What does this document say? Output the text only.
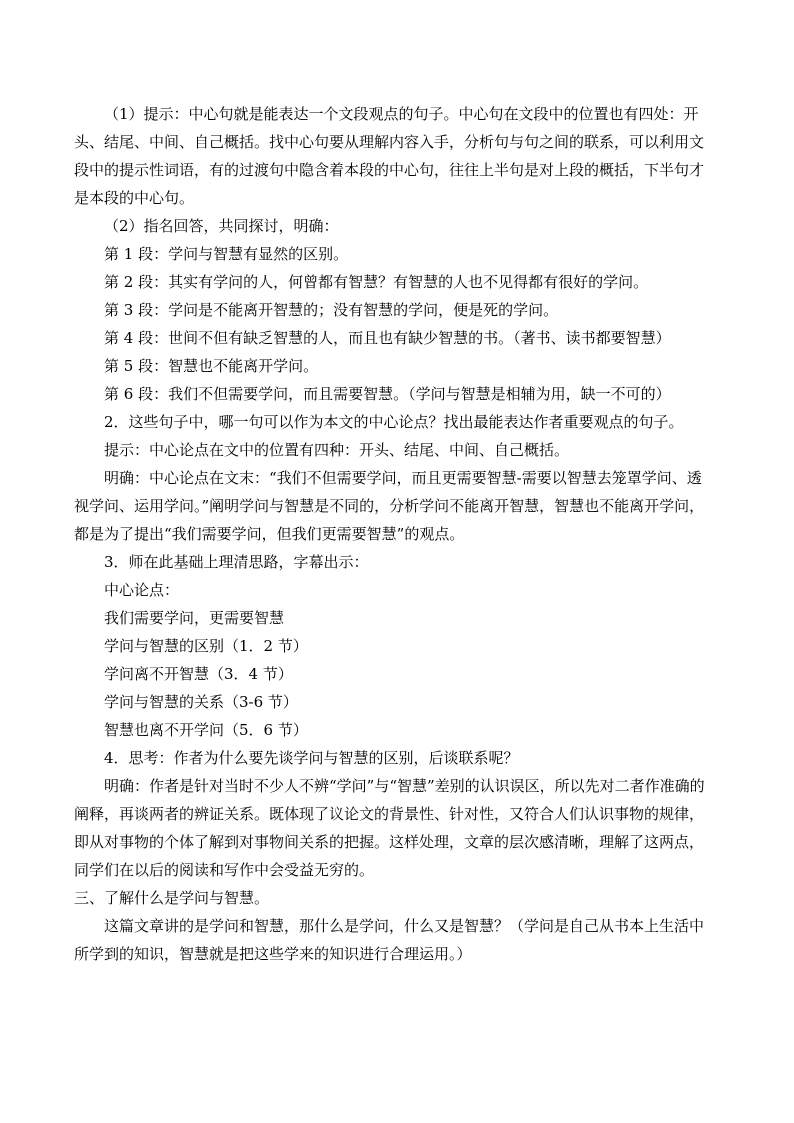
（1）提示：中心句就是能表达一个文段观点的句子。中心句在文段中的位置也有四处：开头、结尾、中间、自己概括。找中心句要从理解内容入手，分析句与句之间的联系，可以利用文段中的提示性词语，有的过渡句中隐含着本段的中心句，往往上半句是对上段的概括，下半句才是本段的中心句。

（2）指名回答，共同探讨，明确：

第 1 段：学问与智慧有显然的区别。

第 2 段：其实有学问的人，何曾都有智慧？有智慧的人也不见得都有很好的学问。

第 3 段：学问是不能离开智慧的；没有智慧的学问，便是死的学问。

第 4 段：世间不但有缺乏智慧的人，而且也有缺少智慧的书。（著书、读书都要智慧）

第 5 段：智慧也不能离开学问。

第 6 段：我们不但需要学问，而且需要智慧。（学问与智慧是相辅为用，缺一不可的）

2．这些句子中，哪一句可以作为本文的中心论点？找出最能表达作者重要观点的句子。

提示：中心论点在文中的位置有四种：开头、结尾、中间、自己概括。

明确：中心论点在文末：“我们不但需要学问，而且更需要智慧-需要以智慧去笼罩学问、透视学问、运用学问。”阐明学问与智慧是不同的，分析学问不能离开智慧，智慧也不能离开学问，都是为了提出“我们需要学问，但我们更需要智慧”的观点。

3．师在此基础上理清思路，字幕出示：

中心论点：

我们需要学问，更需要智慧

学问与智慧的区别（1．2 节）

学问离不开智慧（3．4 节）

学问与智慧的关系（3-6 节）

智慧也离不开学问（5．6 节）

4．思考：作者为什么要先谈学问与智慧的区别，后谈联系呢？

明确：作者是针对当时不少人不辨“学问”与“智慧”差别的认识误区，所以先对二者作准确的阐释，再谈两者的辨证关系。既体现了议论文的背景性、针对性，又符合人们认识事物的规律，即从对事物的个体了解到对事物间关系的把握。这样处理，文章的层次感清晰，理解了这两点，同学们在以后的阅读和写作中会受益无穷的。

三、了解什么是学问与智慧。

这篇文章讲的是学问和智慧，那什么是学问，什么又是智慧？（学问是自己从书本上生活中所学到的知识，智慧就是把这些学来的知识进行合理运用。）
